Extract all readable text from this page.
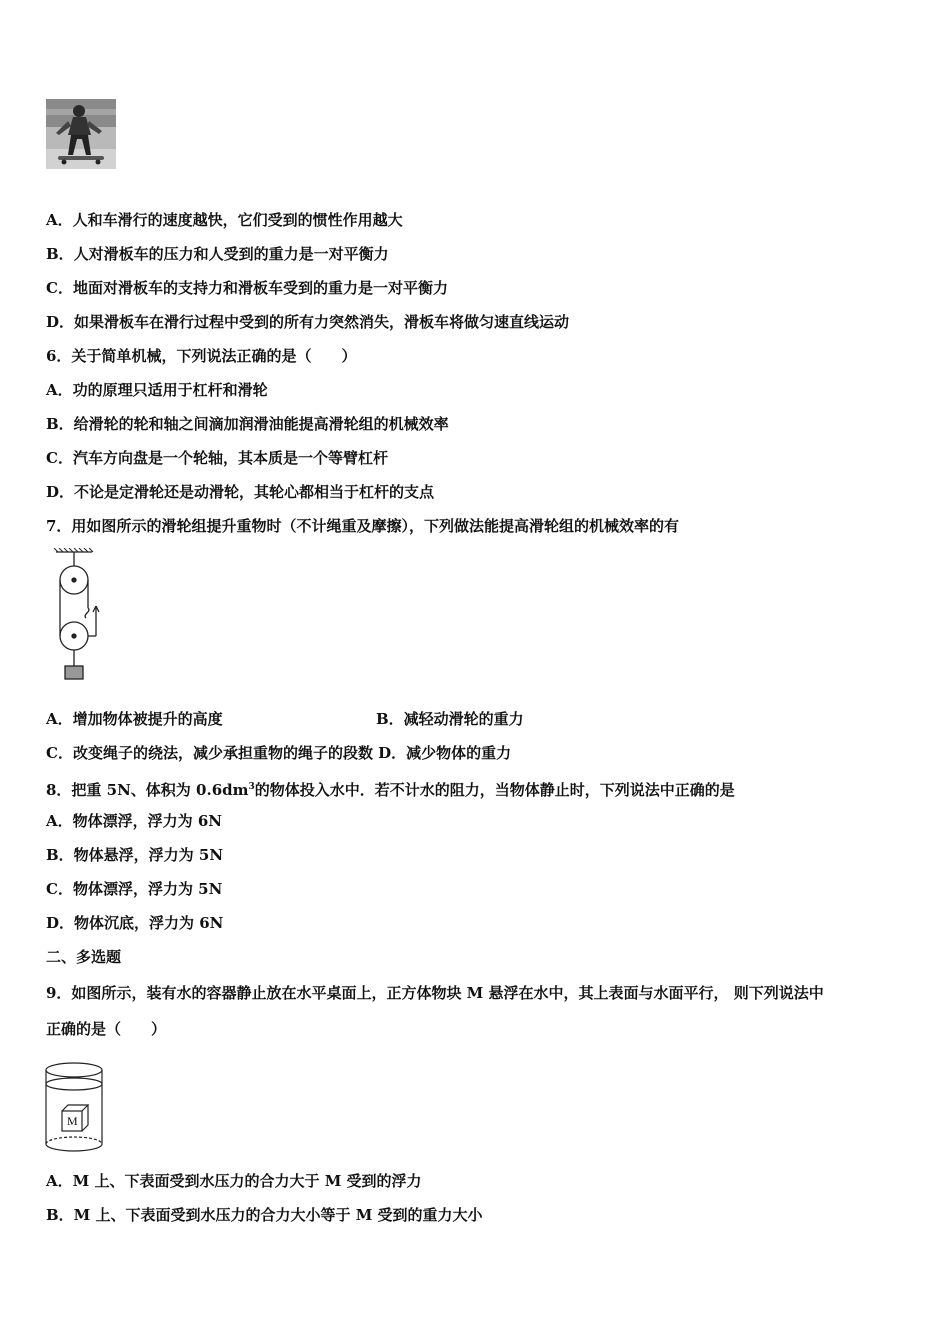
A．人和车滑行的速度越快，它们受到的惯性作用越大
B．人对滑板车的压力和人受到的重力是一对平衡力
C．地面对滑板车的支持力和滑板车受到的重力是一对平衡力
D．如果滑板车在滑行过程中受到的所有力突然消失，滑板车将做匀速直线运动
6．关于简单机械，下列说法正确的是（　　）
A．功的原理只适用于杠杆和滑轮
B．给滑轮的轮和轴之间滴加润滑油能提高滑轮组的机械效率
C．汽车方向盘是一个轮轴，其本质是一个等臂杠杆
D．不论是定滑轮还是动滑轮，其轮心都相当于杠杆的支点
7．用如图所示的滑轮组提升重物时（不计绳重及摩擦），下列做法能提高滑轮组的机械效率的有
A．增加物体被提升的高度	B．减轻动滑轮的重力
C．改变绳子的绕法，减少承担重物的绳子的段数 D．减少物体的重力
8．把重 5N、体积为 $0.6dm^3$的物体投入水中．若不计水的阻力，当物体静止时，下列说法中正确的是
A．物体漂浮，浮力为 6N
B．物体悬浮，浮力为 5N
C．物体漂浮，浮力为 5N
D．物体沉底，浮力为 6N
二、多选题
9．如图所示，装有水的容器静止放在水平桌面上，正方体物块 M 悬浮在水中，其上表面与水面平行， 则下列说法中
正确的是（　　）
M
A．M 上、下表面受到水压力的合力大于 M 受到的浮力
B．M 上、下表面受到水压力的合力大小等于 M 受到的重力大小
